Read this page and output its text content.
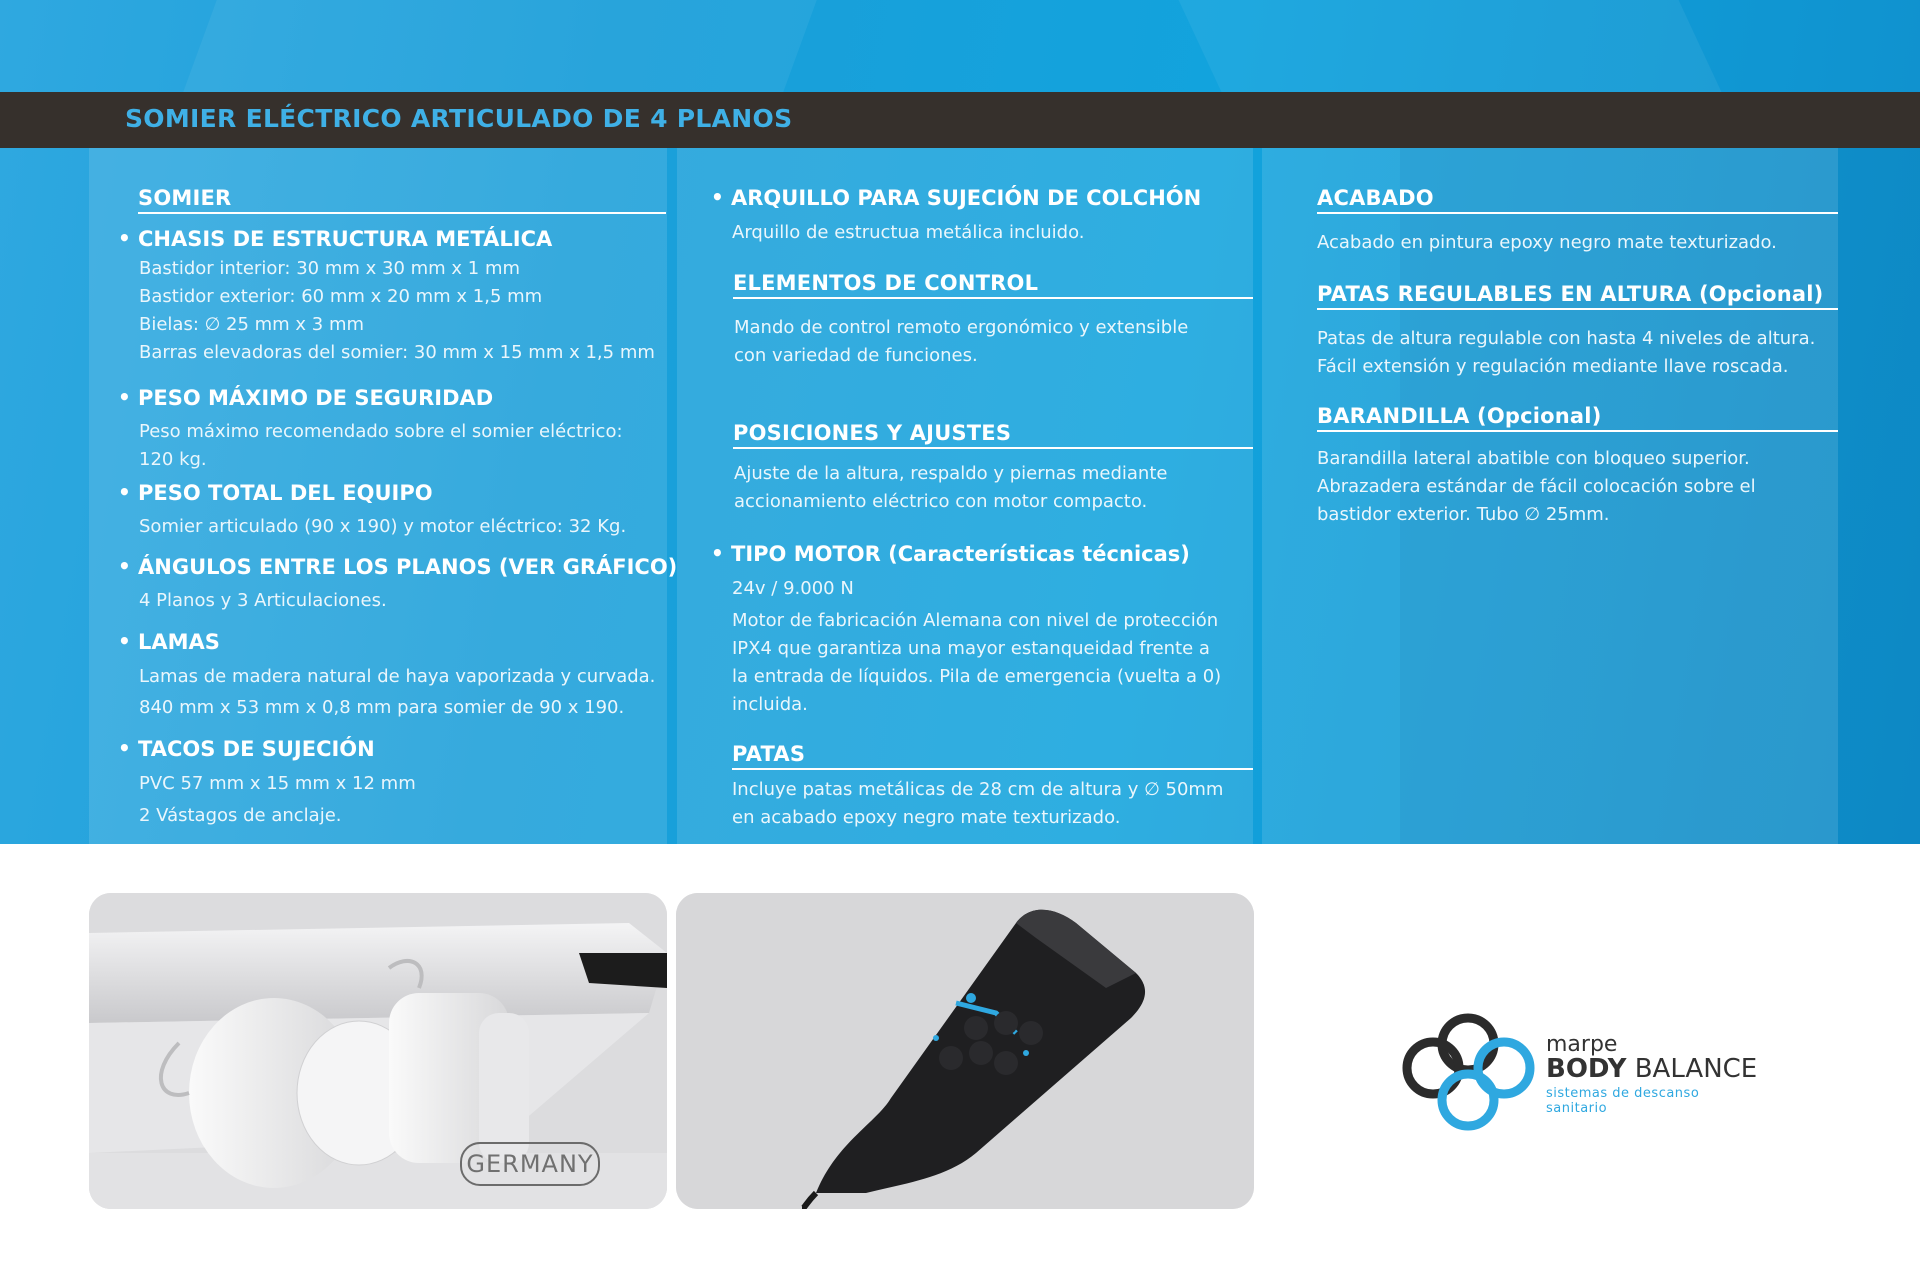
SOMIER ELÉCTRICO ARTICULADO DE 4 PLANOS
SOMIER
• CHASIS DE ESTRUCTURA METÁLICA
Bastidor interior: 30 mm x 30 mm x 1 mm
Bastidor exterior: 60 mm x 20 mm x 1,5 mm
Bielas: ∅ 25 mm x 3 mm
Barras elevadoras del somier: 30 mm x 15 mm x 1,5 mm
• PESO MÁXIMO DE SEGURIDAD
Peso máximo recomendado sobre el somier eléctrico:
120 kg.
• PESO TOTAL DEL EQUIPO
Somier articulado (90 x 190) y motor eléctrico: 32 Kg.
• ÁNGULOS ENTRE LOS PLANOS (VER GRÁFICO)
4 Planos y 3 Articulaciones.
• LAMAS
Lamas de madera natural de haya vaporizada y curvada.
840 mm x 53 mm x 0,8 mm para somier de 90 x 190.
• TACOS DE SUJECIÓN
PVC 57 mm x 15 mm x 12 mm
2 Vástagos de anclaje.
• ARQUILLO PARA SUJECIÓN DE COLCHÓN
Arquillo de estructua metálica incluido.
ELEMENTOS DE CONTROL
Mando de control remoto ergonómico y extensible
con variedad de funciones.
POSICIONES Y AJUSTES
Ajuste de la altura, respaldo y piernas mediante
accionamiento eléctrico con motor compacto.
• TIPO MOTOR (Características técnicas)
24v / 9.000 N
Motor de fabricación Alemana con nivel de protección
IPX4 que garantiza una mayor estanqueidad frente a
la entrada de líquidos. Pila de emergencia (vuelta a 0)
incluida.
PATAS
Incluye patas metálicas de 28 cm de altura y ∅ 50mm
en acabado epoxy negro mate texturizado.
ACABADO
Acabado en pintura epoxy negro mate texturizado.
PATAS REGULABLES EN ALTURA (Opcional)
Patas de altura regulable con hasta 4 niveles de altura.
Fácil extensión y regulación mediante llave roscada.
BARANDILLA (Opcional)
Barandilla lateral abatible con bloqueo superior.
Abrazadera estándar de fácil colocación sobre el
bastidor exterior. Tubo ∅ 25mm.
GERMANY
marpe
BODY BALANCE
sistemas de descanso sanitario
